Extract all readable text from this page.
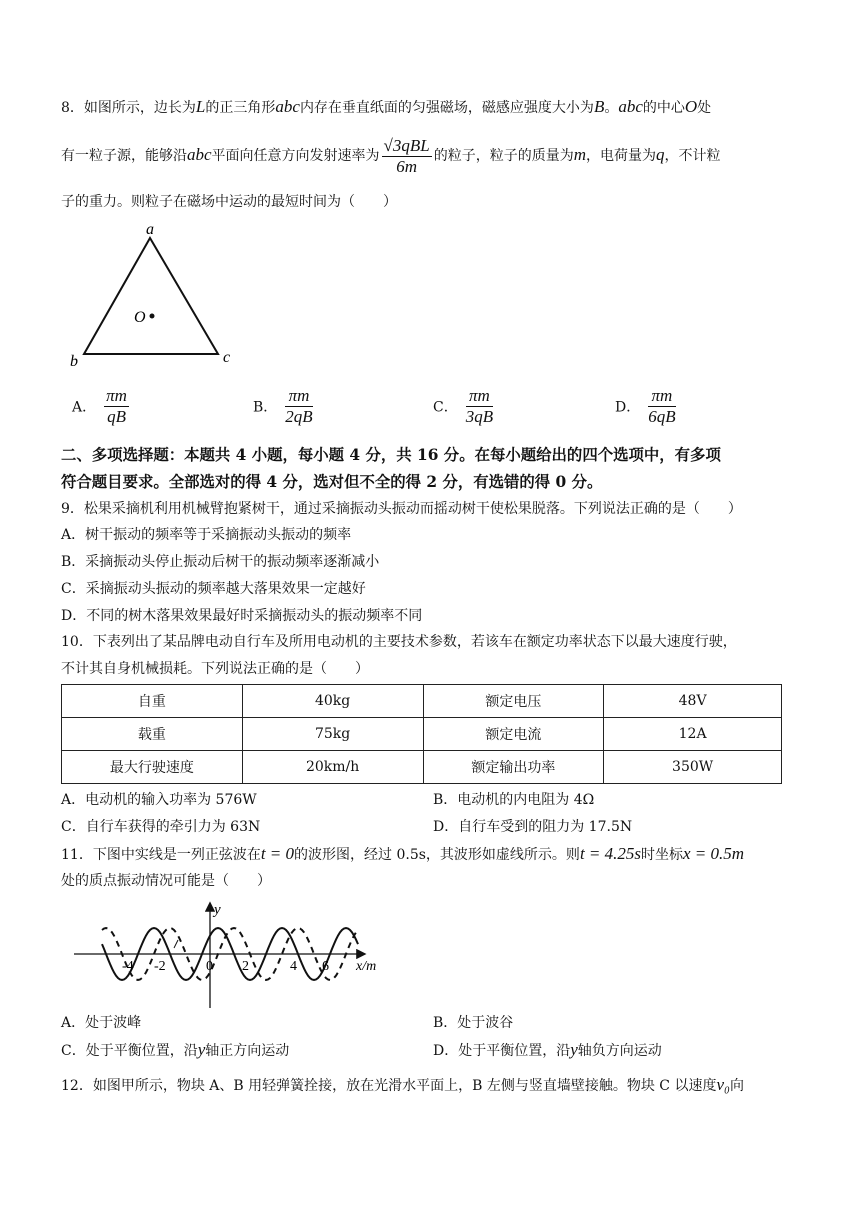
8．如图所示，边长为L的正三角形abc内存在垂直纸面的匀强磁场，磁感应强度大小为B。abc的中心O处
有一粒子源，能够沿abc平面向任意方向发射速率为 $\frac{\text{√3qBL}}{6m}$ 的粒子，粒子的质量为m，电荷量为q，不计粒
子的重力。则粒子在磁场中运动的最短时间为（　　）
a
b	c
O
A． $\frac{\pi m}{qB}$	B． $\frac{\pi m}{2qB}$	C． $\frac{\pi m}{3qB}$	D． $\frac{\pi m}{6qB}$
二、多项选择题：本题共 4 小题，每小题 4 分，共 16 分。在每小题给出的四个选项中，有多项
符合题目要求。全部选对的得 4 分，选对但不全的得 2 分，有选错的得 0 分。
9．松果采摘机利用机械臂抱紧树干，通过采摘振动头振动而摇动树干使松果脱落。下列说法正确的是（　　）
A．树干振动的频率等于采摘振动头振动的频率
B．采摘振动头停止振动后树干的振动频率逐渐减小
C．采摘振动头振动的频率越大落果效果一定越好
D．不同的树木落果效果最好时采摘振动头的振动频率不同
10．下表列出了某品牌电动自行车及所用电动机的主要技术参数，若该车在额定功率状态下以最大速度行驶，
不计其自身机械损耗。下列说法正确的是（　　）
自重	40kg	额定电压	48V
载重	75kg	额定电流	12A
最大行驶速度	20km/h	额定输出功率	350W
A．电动机的输入功率为 576W	B．电动机的内电阻为 4Ω
C．自行车获得的牵引力为 63N	D．自行车受到的阻力为 17.5N
11．下图中实线是一列正弦波在t = 0的波形图，经过 0.5s，其波形如虚线所示。则t = 4.25s时坐标x = 0.5m
处的质点振动情况可能是（　　）
y
x/m
-4 -2	0 2	4 6
A．处于波峰	B．处于波谷
C．处于平衡位置，沿y轴正方向运动	D．处于平衡位置，沿y轴负方向运动
12．如图甲所示，物块 A、B 用轻弹簧拴接，放在光滑水平面上，B 左侧与竖直墙壁接触。物块 C 以速度v₀向
